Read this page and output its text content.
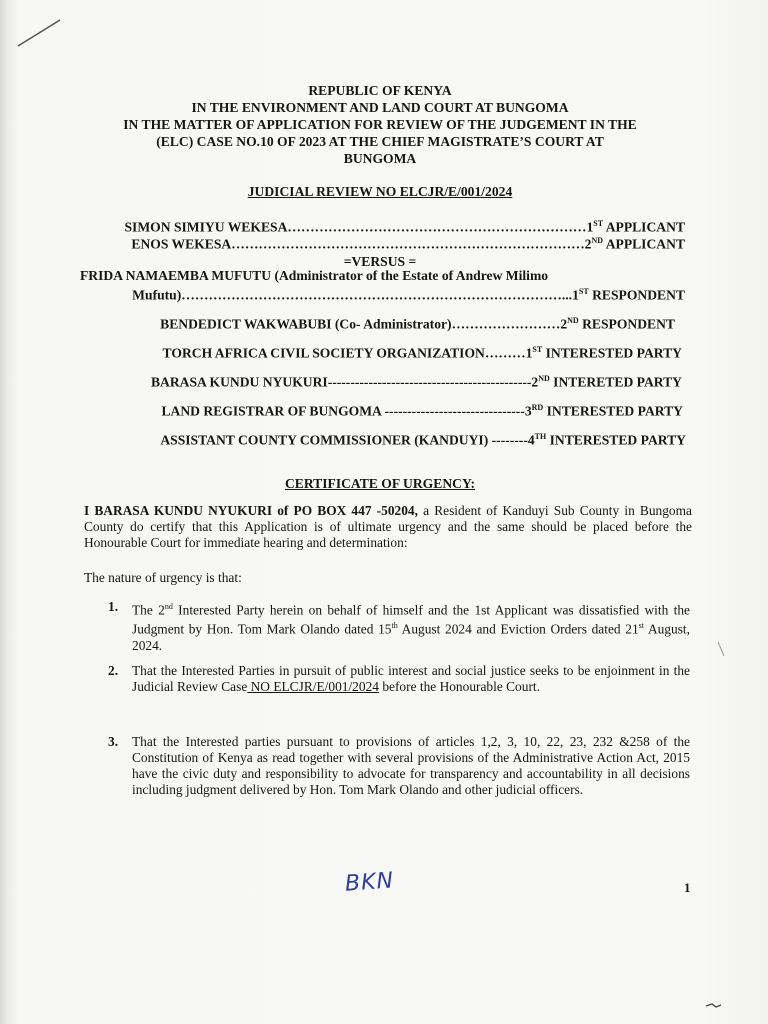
REPUBLIC OF KENYA
IN THE ENVIRONMENT AND LAND COURT AT BUNGOMA
IN THE MATTER OF APPLICATION FOR REVIEW OF THE JUDGEMENT IN THE
(ELC) CASE NO.10 OF 2023 AT THE CHIEF MAGISTRATE’S COURT AT
BUNGOMA
JUDICIAL REVIEW NO ELCJR/E/001/2024
SIMON SIMIYU WEKESA…………………………………………………………1ST APPLICANT
ENOS WEKESA……………………………………………………………………2ND APPLICANT
=VERSUS =
FRIDA NAMAEMBA MUFUTU (Administrator of the Estate of Andrew Milimo
Mufutu)…………………………………………………………………………...1ST RESPONDENT
BENDEDICT WAKWABUBI (Co- Administrator)……………………2ND RESPONDENT
TORCH AFRICA CIVIL SOCIETY ORGANIZATION………1ST INTERESTED PARTY
BARASA KUNDU NYUKURI---------------------------------------------2ND INTERETED PARTY
LAND REGISTRAR OF BUNGOMA -------------------------------3RD INTERESTED PARTY
ASSISTANT COUNTY COMMISSIONER (KANDUYI) --------4TH INTERESTED PARTY
CERTIFICATE OF URGENCY:
I BARASA KUNDU NYUKURI of PO BOX 447 -50204, a Resident of Kanduyi Sub County in Bungoma County do certify that this Application is of ultimate urgency and the same should be placed before the Honourable Court for immediate hearing and determination:
The nature of urgency is that:
1. The 2nd Interested Party herein on behalf of himself and the 1st Applicant was dissatisfied with the Judgment by Hon. Tom Mark Olando dated 15th August 2024 and Eviction Orders dated 21st August, 2024.
2. That the Interested Parties in pursuit of public interest and social justice seeks to be enjoinment in the Judicial Review Case NO ELCJR/E/001/2024 before the Honourable Court.
3. That the Interested parties pursuant to provisions of articles 1,2, 3, 10, 22, 23, 232 &258 of the Constitution of Kenya as read together with several provisions of the Administrative Action Act, 2015 have the civic duty and responsibility to advocate for transparency and accountability in all decisions including judgment delivered by Hon. Tom Mark Olando and other judicial officers.
BKN	1
